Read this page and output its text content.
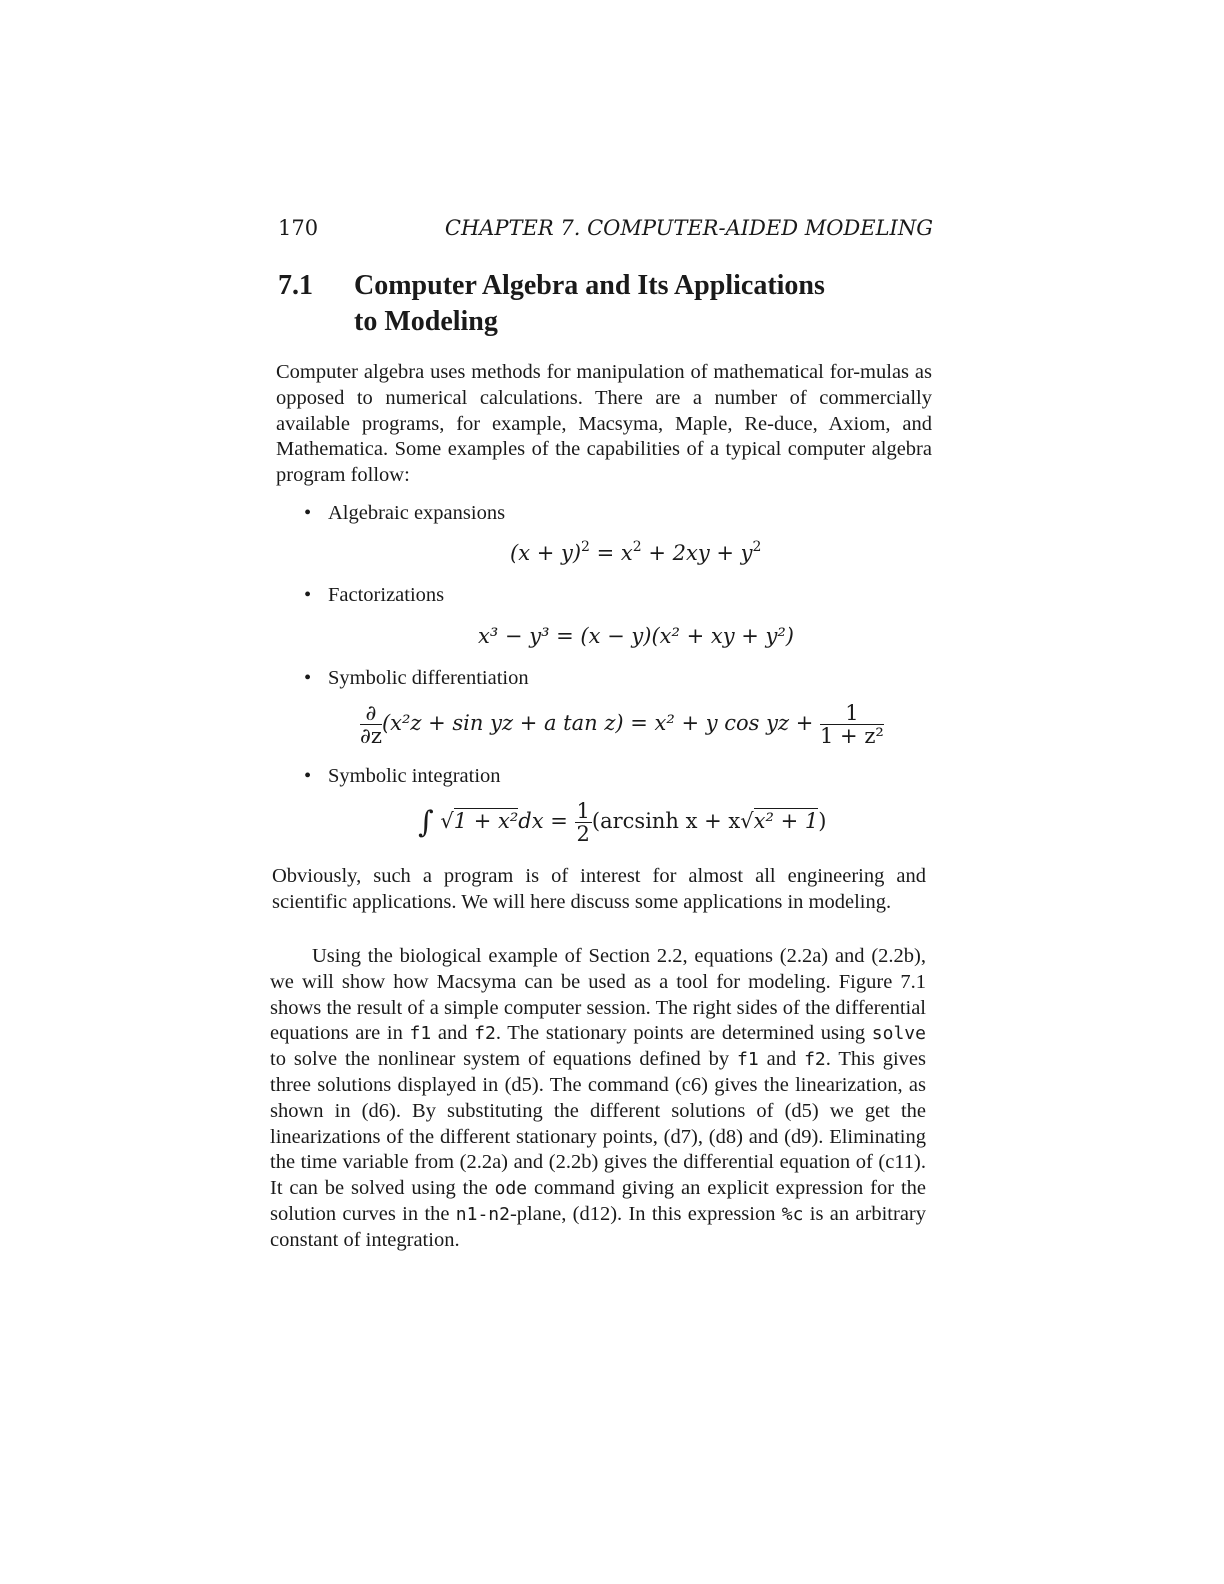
170	CHAPTER 7. COMPUTER-AIDED MODELING
7.1 Computer Algebra and Its Applications
to Modeling
Computer algebra uses methods for manipulation of mathematical for-mulas as opposed to numerical calculations. There are a number of commercially available programs, for example, Macsyma, Maple, Re-duce, Axiom, and Mathematica. Some examples of the capabilities of a typical computer algebra program follow:
• Algebraic expansions
$(x + y)^2 = x^2 + 2xy + y^2$
• Factorizations
x³ − y³ = (x − y)(x² + xy + y²)
• Symbolic differentiation
$\frac{\partial}{\partial z} (x^2z + \sin$ yz + a tan z) = x² + y cos yz + $\frac{1}{\text{1 + z²}}$
• Symbolic integration
∫ $√1 + x^2dx = \frac{1}{2} (\arcsin h$ x + x√x² + 1)
Obviously, such a program is of interest for almost all engineering and scientific applications. We will here discuss some applications in modeling.
Using the biological example of Section 2.2, equations (2.2a) and (2.2b), we will show how Macsyma can be used as a tool for modeling. Figure 7.1 shows the result of a simple computer session. The right sides of the differential equations are in f1 and f2. The stationary points are determined using solve to solve the nonlinear system of equations defined by f1 and f2. This gives three solutions displayed in (d5). The command (c6) gives the linearization, as shown in (d6). By substituting the different solutions of (d5) we get the linearizations of the different stationary points, (d7), (d8) and (d9). Eliminating the time variable from (2.2a) and (2.2b) gives the differential equation of (c11). It can be solved using the ode command giving an explicit expression for the solution curves in the n1-n2-plane, (d12). In this expression %c is an arbitrary constant of integration.
